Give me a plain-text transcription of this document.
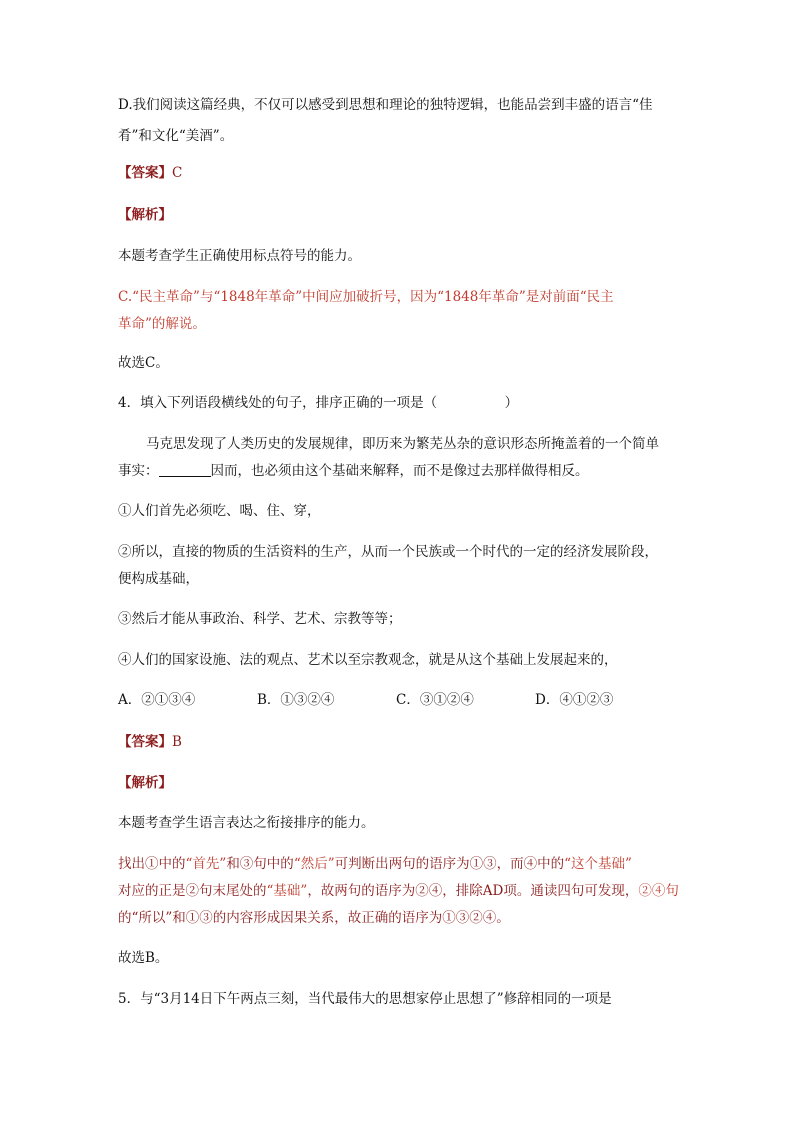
D.我们阅读这篇经典，不仅可以感受到思想和理论的独特逻辑，也能品尝到丰盛的语言“佳
肴”和文化“美酒”。
【答案】C
【解析】
本题考查学生正确使用标点符号的能力。
C.“民主革命”与“1848年革命”中间应加破折号，因为“1848年革命”是对前面“民主
革命”的解说。
故选C。
4．填入下列语段横线处的句子，排序正确的一项是（　　　　　）
马克思发现了人类历史的发展规律，即历来为繁芜丛杂的意识形态所掩盖着的一个简单
事实：	因而，也必须由这个基础来解释，而不是像过去那样做得相反。
①人们首先必须吃、喝、住、穿，
②所以，直接的物质的生活资料的生产，从而一个民族或一个时代的一定的经济发展阶段，
便构成基础，
③然后才能从事政治、科学、艺术、宗教等等；
④人们的国家设施、法的观点、艺术以至宗教观念，就是从这个基础上发展起来的，
A．②①③④	B．①③②④	C．③①②④	D．④①②③
【答案】B
【解析】
本题考查学生语言表达之衔接排序的能力。
找出①中的“首先”和③句中的“然后”可判断出两句的语序为①③，而④中的“这个基础”
对应的正是②句末尾处的“基础”，故两句的语序为②④，排除AD项。通读四句可发现，②④句
的“所以”和①③的内容形成因果关系，故正确的语序为①③②④。
故选B。
5．与“3月14日下午两点三刻，当代最伟大的思想家停止思想了”修辞相同的一项是
